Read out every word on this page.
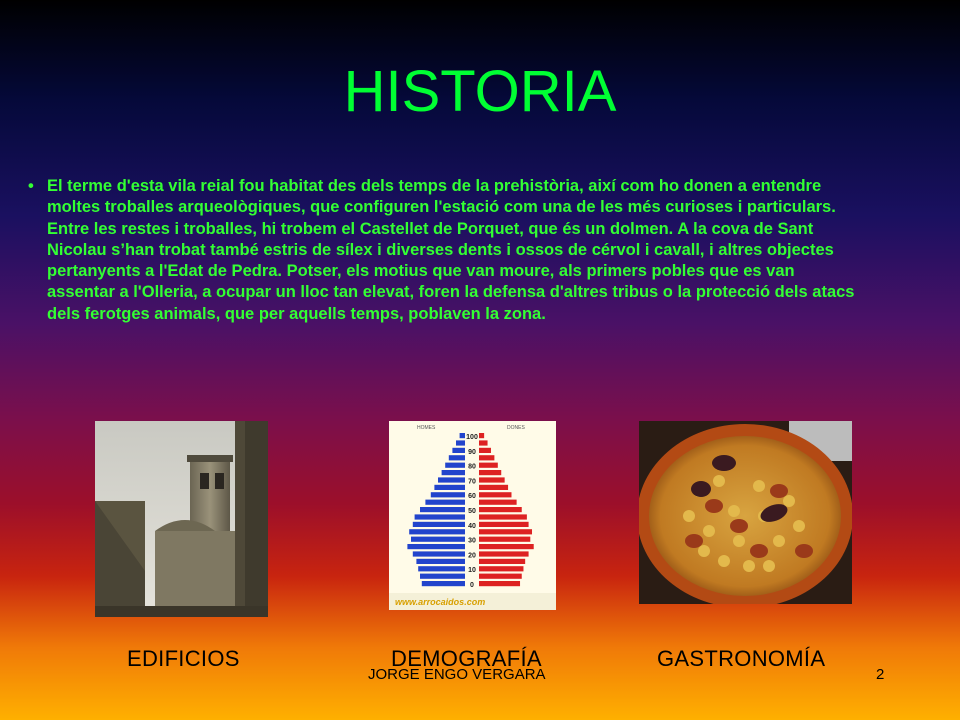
HISTORIA
• El terme d'esta vila reial fou habitat des dels temps de la prehistòria, així com ho donen a entendre moltes troballes arqueològiques, que configuren l'estació com una de les més curioses i particulars. Entre les restes i troballes, hi trobem el Castellet de Porquet, que és un dolmen. A la cova de Sant Nicolau s’han trobat també estris de sílex i diverses dents i ossos de cérvol i cavall, i altres objectes pertanyents a l'Edat de Pedra. Potser, els motius que van moure, als primers pobles que es van assentar a l'Olleria, a ocupar un lloc tan elevat, foren la defensa d'altres tribus o la protecció dels atacs dels ferotges animals, que per aquells temps, poblaven la zona.
HOMES	DONES
100
90
80
70
60
50
40
30
20
10
0
www.arrocaidos.com
EDIFICIOS	DEMOGRAFÍA	GASTRONOMÍA
JORGE ENGO VERGARA	2
